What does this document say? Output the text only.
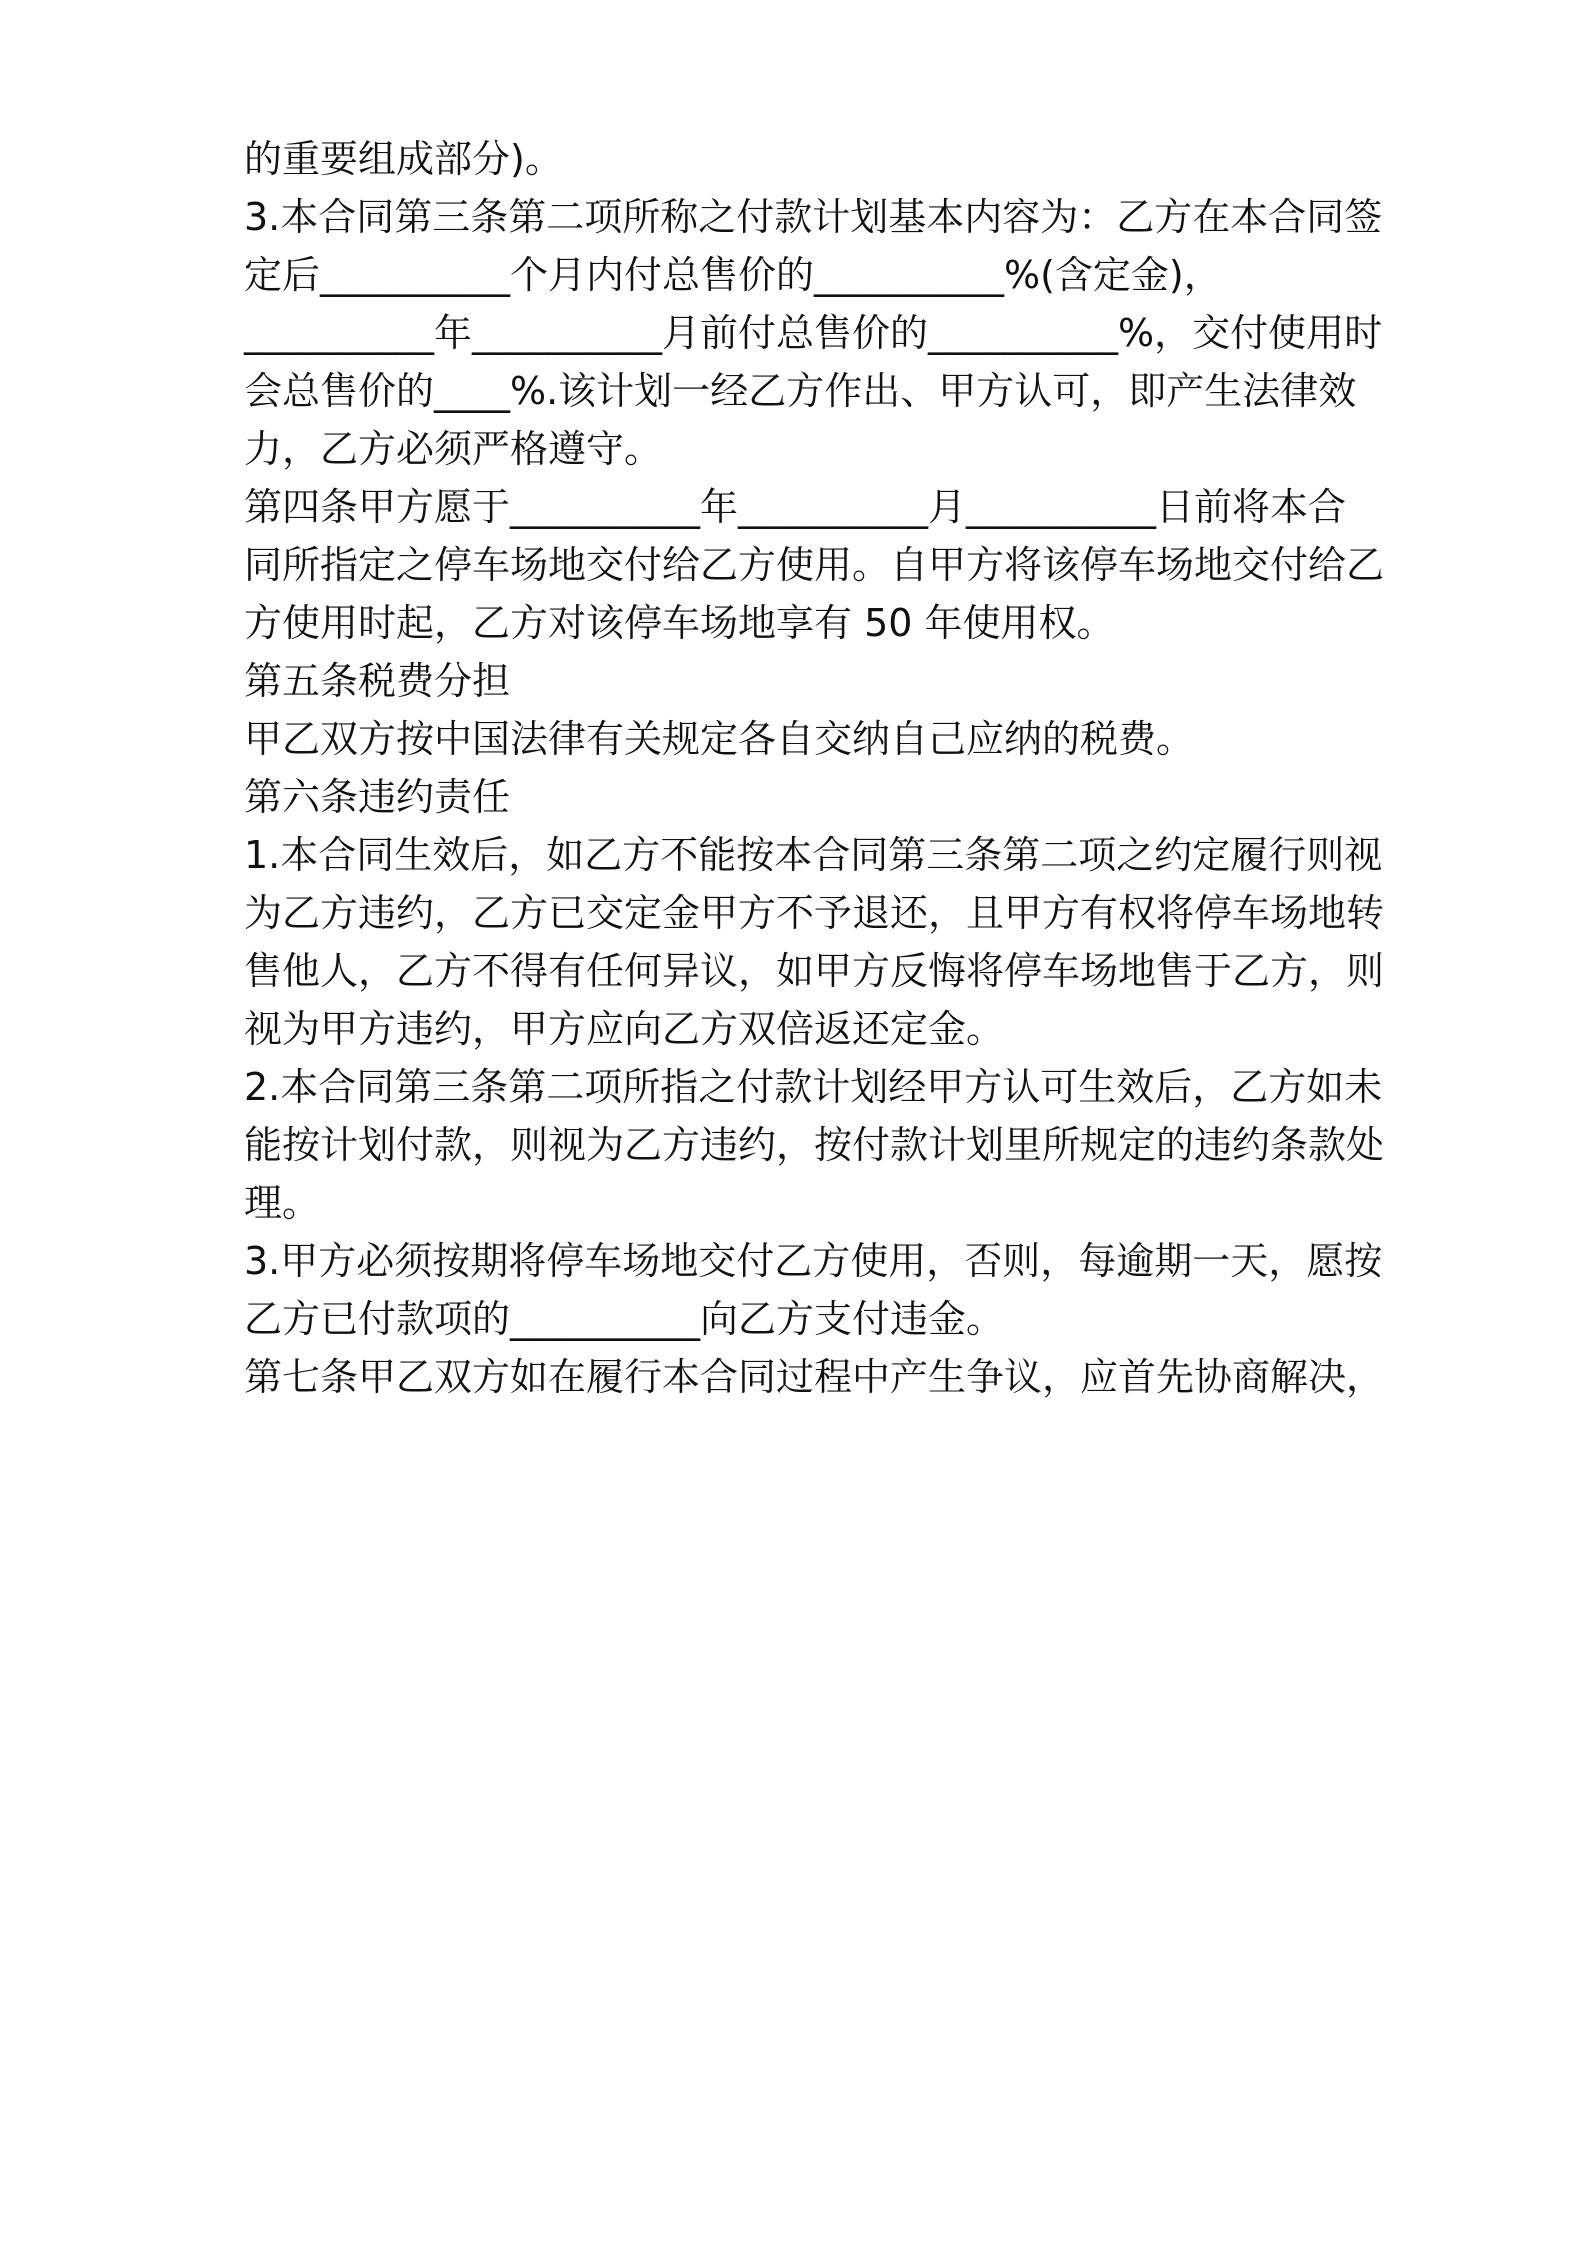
的重要组成部分)。

3.本合同第三条第二项所称之付款计划基本内容为：乙方在本合同签

定后__________个月内付总售价的__________%(含定金)，

__________年__________月前付总售价的__________%，交付使用时

会总售价的____%.该计划一经乙方作出、甲方认可，即产生法律效

力，乙方必须严格遵守。

第四条甲方愿于__________年__________月__________日前将本合

同所指定之停车场地交付给乙方使用。自甲方将该停车场地交付给乙

方使用时起，乙方对该停车场地享有 50 年使用权。

第五条税费分担

甲乙双方按中国法律有关规定各自交纳自己应纳的税费。

第六条违约责任

1.本合同生效后，如乙方不能按本合同第三条第二项之约定履行则视

为乙方违约，乙方已交定金甲方不予退还，且甲方有权将停车场地转

售他人，乙方不得有任何异议，如甲方反悔将停车场地售于乙方，则

视为甲方违约，甲方应向乙方双倍返还定金。

2.本合同第三条第二项所指之付款计划经甲方认可生效后，乙方如未

能按计划付款，则视为乙方违约，按付款计划里所规定的违约条款处

理。

3.甲方必须按期将停车场地交付乙方使用，否则，每逾期一天，愿按

乙方已付款项的__________向乙方支付违金。

第七条甲乙双方如在履行本合同过程中产生争议，应首先协商解决，
